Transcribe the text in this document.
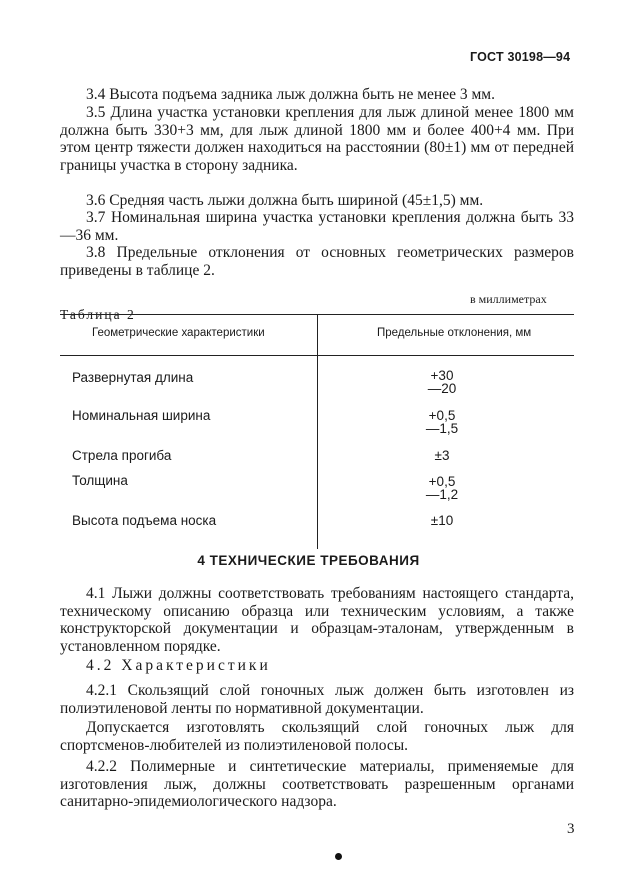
ГОСТ 30198—94
3.4 Высота подъема задника лыж должна быть не менее 3 мм.
3.5 Длина участка установки крепления для лыж длиной менее 1800 мм должна быть 330+3 мм, для лыж длиной 1800 мм и более 400+4 мм. При этом центр тяжести должен находиться на расстоянии (80±1) мм от передней границы участка в сторону задника.
3.6 Средняя часть лыжи должна быть шириной (45±1,5) мм.
3.7 Номинальная ширина участка установки крепления должна быть 33—36 мм.
3.8 Предельные отклонения от основных геометрических размеров приведены в таблице 2.
Таблица 2
в миллиметрах
Геометрические характеристики	Предельные отклонения, мм
Развернутая длина	+30
—20
Номинальная ширина	+0,5
—1,5
Стрела прогиба	±3
Толщина	+0,5
—1,2
Высота подъема носка	±10
4 ТЕХНИЧЕСКИЕ ТРЕБОВАНИЯ
4.1 Лыжи должны соответствовать требованиям настоящего стандарта, техническому описанию образца или техническим условиям, а также конструкторской документации и образцам-эталонам, утвержденным в установленном порядке.
4.2 Характеристики
4.2.1 Скользящий слой гоночных лыж должен быть изготовлен из полиэтиленовой ленты по нормативной документации.
Допускается изготовлять скользящий слой гоночных лыж для спортсменов-любителей из полиэтиленовой полосы.
4.2.2 Полимерные и синтетические материалы, применяемые для изготовления лыж, должны соответствовать разрешенным органами санитарно-эпидемиологического надзора.
3
